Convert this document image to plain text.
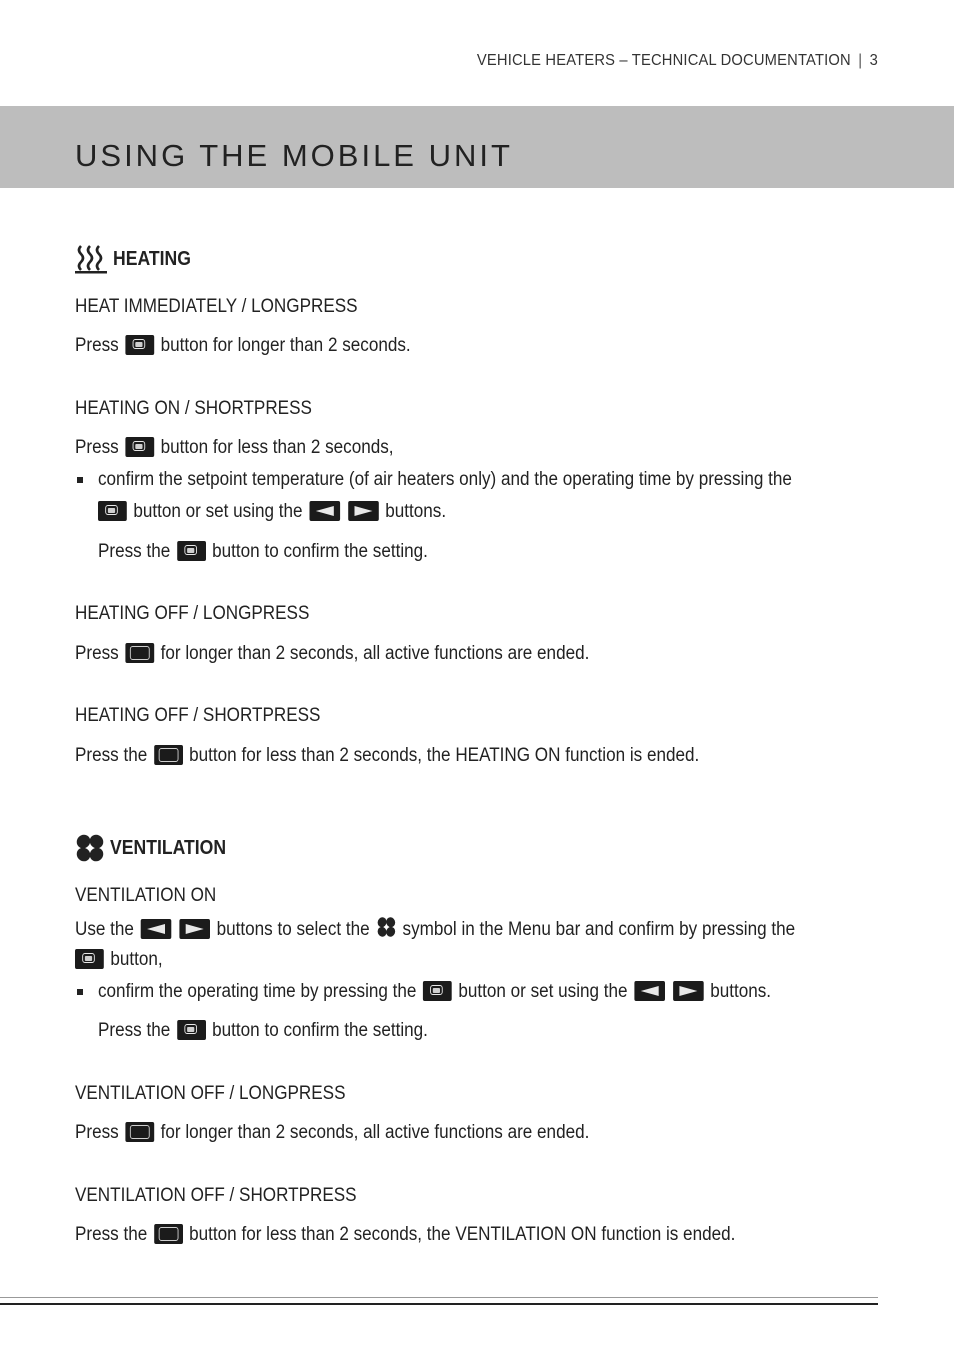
VEHICLE HEATERS – TECHNICAL DOCUMENTATION | 3
USING THE MOBILE UNIT
HEATING
HEAT IMMEDIATELY / LONGPRESS
Press button for longer than 2 seconds.
HEATING ON / SHORTPRESS
Press button for less than 2 seconds,
confirm the setpoint temperature (of air heaters only) and the operating time by pressing the
button or set using the
	buttons.
Press the button to confirm the setting.
HEATING OFF / LONGPRESS
Press for longer than 2 seconds, all active functions are ended.
HEATING OFF / SHORTPRESS
Press the button for less than 2 seconds, the HEATING ON function is ended.
VENTILATION
VENTILATION ON
Use the
	buttons to select the symbol in the Menu bar and confirm by pressing the
button,
confirm the operating time by pressing the button or set using the
	buttons.
Press the button to confirm the setting.
VENTILATION OFF / LONGPRESS
Press for longer than 2 seconds, all active functions are ended.
VENTILATION OFF / SHORTPRESS
Press the button for less than 2 seconds, the VENTILATION ON function is ended.
